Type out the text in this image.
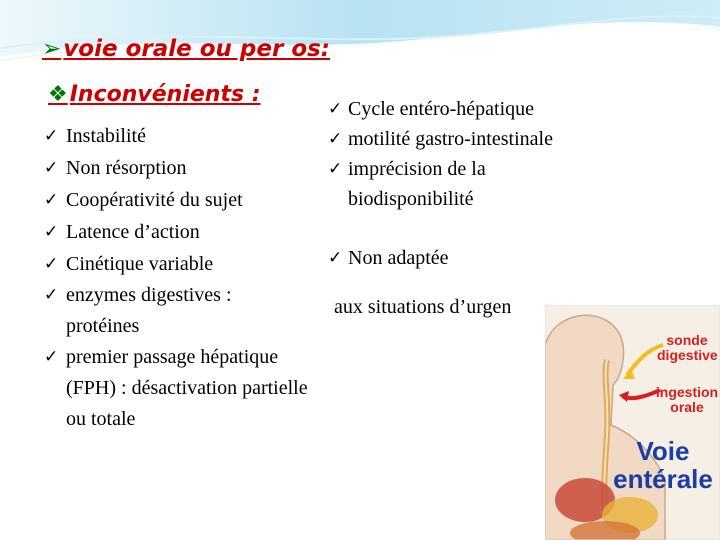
➢voie orale ou per os:
❖Inconvénients :
✓ Instabilité
✓ Non résorption
✓ Coopérativité du sujet
✓ Latence d’action
✓ Cinétique variable
✓ enzymes digestives : protéines
✓ premier passage hépatique (FPH) : désactivation partielle ou totale
✓ Cycle entéro-hépatique
✓ motilité gastro-intestinale
✓ imprécision de la biodisponibilité
✓ Non adaptée
aux situations d’urgen
sonde digestive
ingestion orale
Voie entérale
